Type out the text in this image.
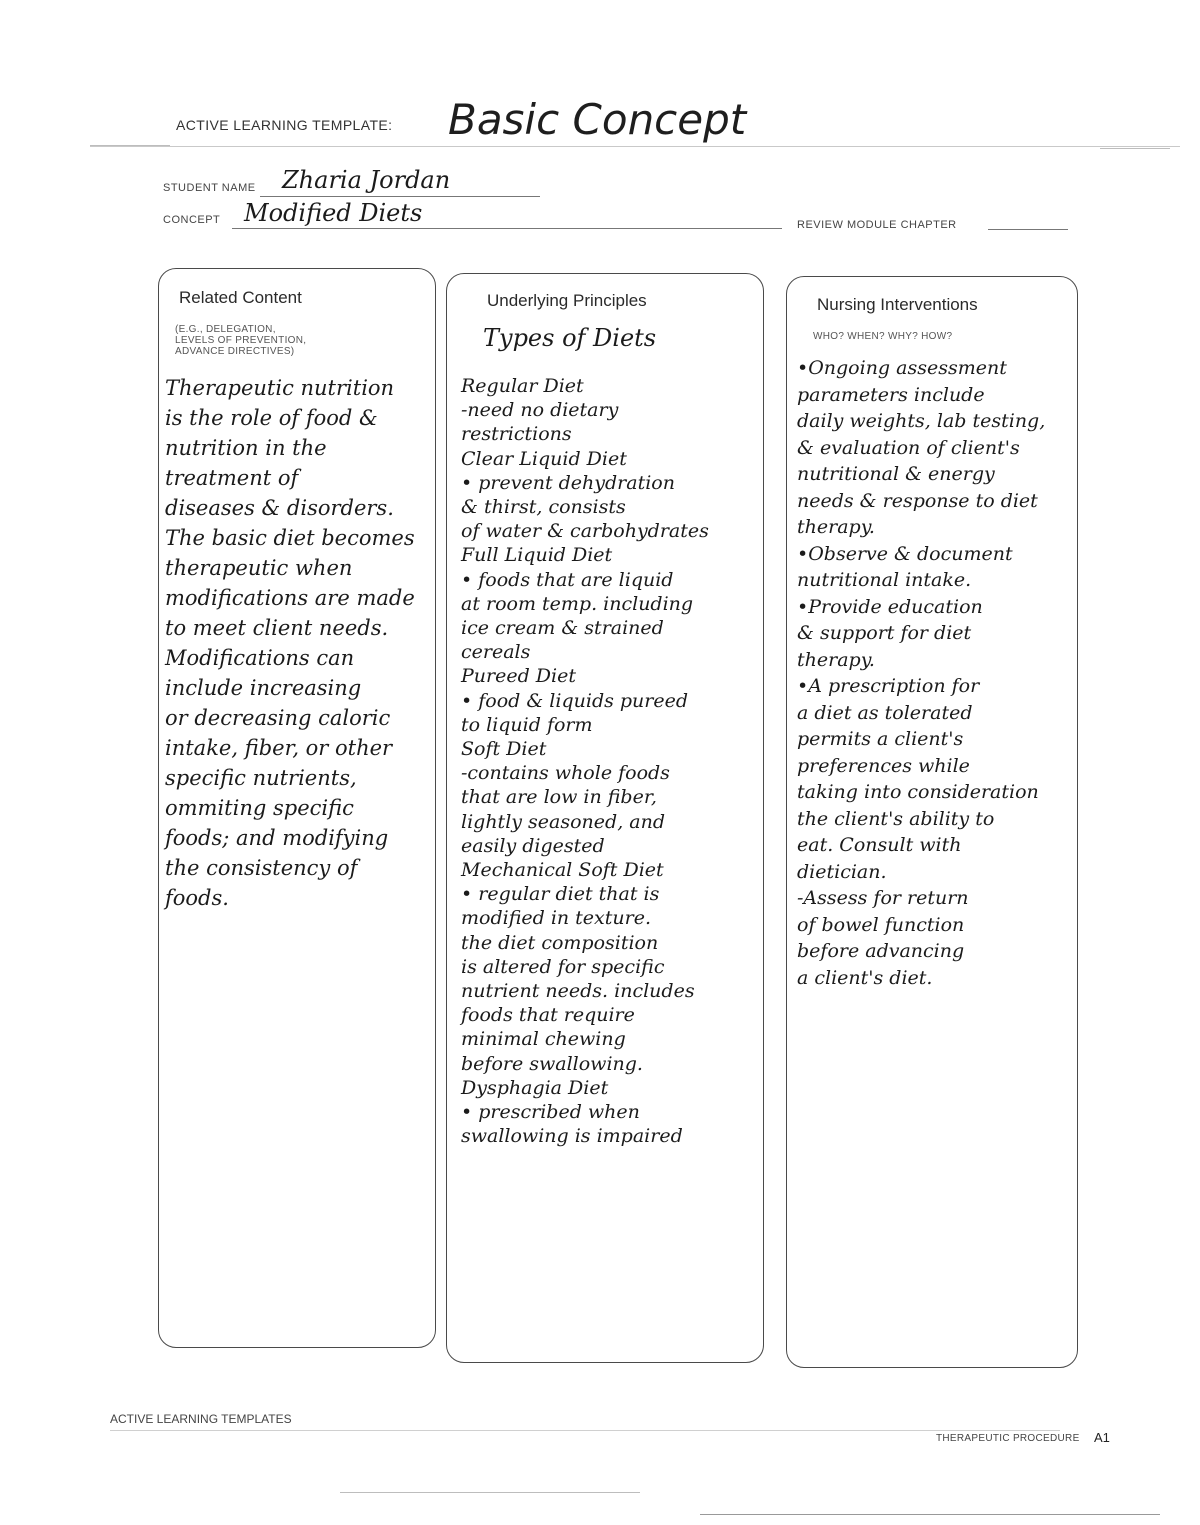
ACTIVE LEARNING TEMPLATE: Basic Concept
STUDENT NAME Zharia Jordan
CONCEPT Modified Diets	REVIEW MODULE CHAPTER
Related Content
(E.G., DELEGATION,
LEVELS OF PREVENTION,
ADVANCE DIRECTIVES)
Therapeutic nutrition
is the role of food &
nutrition in the
treatment of
diseases & disorders.
The basic diet becomes
therapeutic when
modifications are made
to meet client needs.
Modifications can
include increasing
or decreasing caloric
intake, fiber, or other
specific nutrients,
ommiting specific
foods; and modifying
the consistency of
foods.
Underlying Principles
Types of Diets
Regular Diet
-need no dietary
restrictions
Clear Liquid Diet
• prevent dehydration
& thirst, consists
of water & carbohydrates
Full Liquid Diet
• foods that are liquid
at room temp. including
ice cream & strained
cereals
Pureed Diet
• food & liquids pureed
to liquid form
Soft Diet
-contains whole foods
that are low in fiber,
lightly seasoned, and
easily digested
Mechanical Soft Diet
• regular diet that is
modified in texture.
the diet composition
is altered for specific
nutrient needs. includes
foods that require
minimal chewing
before swallowing.
Dysphagia Diet
• prescribed when
swallowing is impaired
Nursing Interventions
WHO? WHEN? WHY? HOW?
•Ongoing assessment
parameters include
daily weights, lab testing,
& evaluation of client's
nutritional & energy
needs & response to diet
therapy.
•Observe & document
nutritional intake.
•Provide education
& support for diet
therapy.
•A prescription for
a diet as tolerated
permits a client's
preferences while
taking into consideration
the client's ability to
eat. Consult with
dietician.
-Assess for return
of bowel function
before advancing
a client's diet.
ACTIVE LEARNING TEMPLATES
THERAPEUTIC PROCEDURE A1
